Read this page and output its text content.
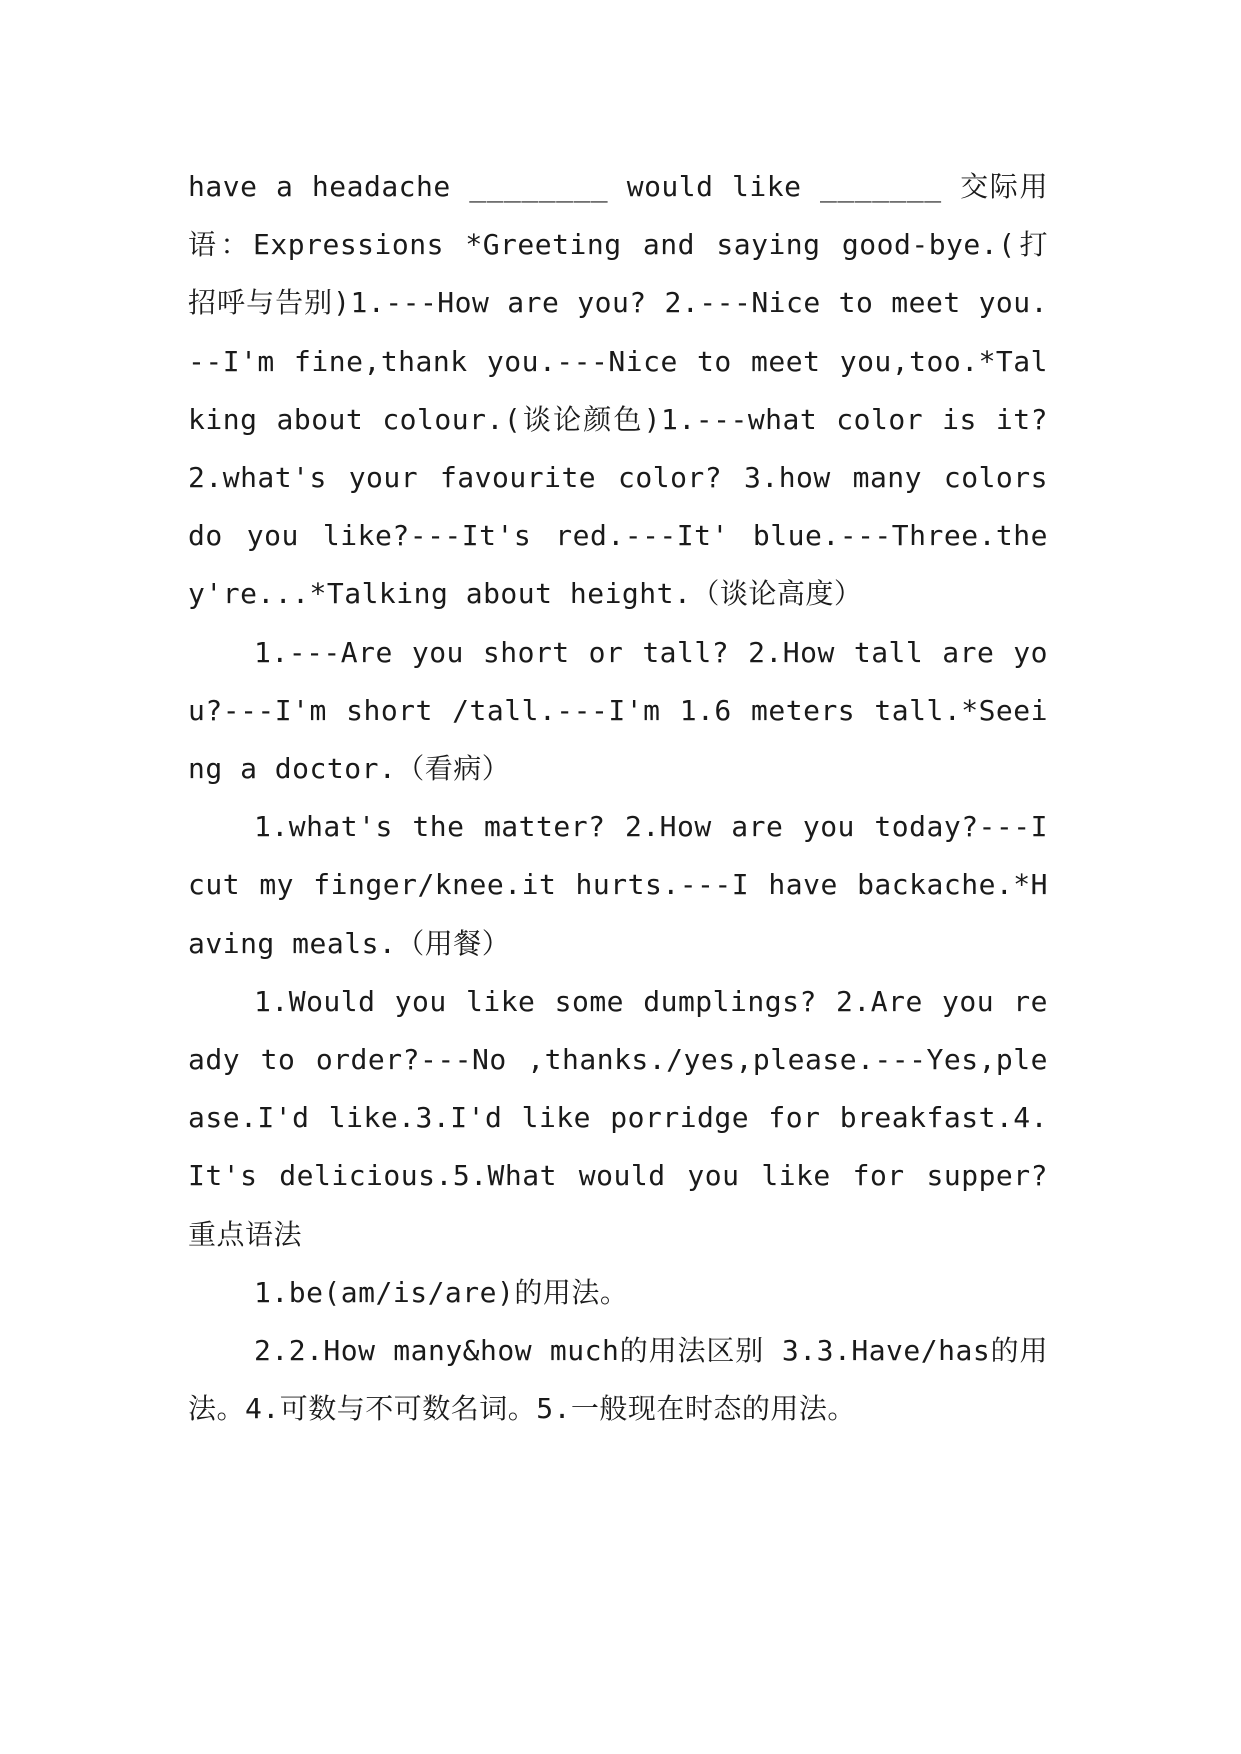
have a headache ________ would like _______ 交际用语：Expressions *Greeting and saying good-bye.(打招呼与告别)1.---How are you? 2.---Nice to meet you.--I'm fine,thank you.---Nice to meet you,too.*Talking about colour.(谈论颜色)1.---what color is it? 2.what's your favourite color? 3.how many colors do you like?---It's red.---It' blue.---Three.they're...*Talking about height.（谈论高度）

1.---Are you short or tall? 2.How tall are you?---I'm short /tall.---I'm 1.6 meters tall.*Seeing a doctor.（看病）

1.what's the matter? 2.How are you today?---I cut my finger/knee.it hurts.---I have backache.*Having meals.（用餐）

1.Would you like some dumplings? 2.Are you ready to order?---No ,thanks./yes,please.---Yes,please.I'd like.3.I'd like porridge for breakfast.4.It's delicious.5.What would you like for supper? 重点语法

1.be(am/is/are)的用法。

2.2.How many&how much的用法区别 3.3.Have/has的用法。4.可数与不可数名词。5.一般现在时态的用法。
